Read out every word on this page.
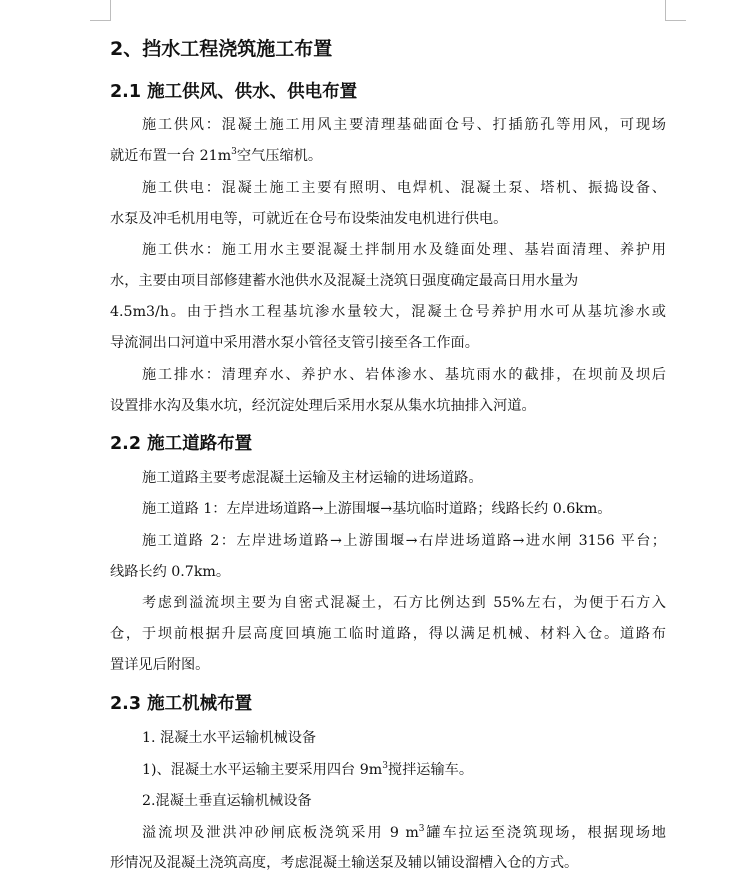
2、挡水工程浇筑施工布置
2.1 施工供风、供水、供电布置
施工供风：混凝土施工用风主要清理基础面仓号、打插筋孔等用风，可现场
就近布置一台 $21m^3$空气压缩机。
施工供电：混凝土施工主要有照明、电焊机、混凝土泵、塔机、振捣设备、
水泵及冲毛机用电等，可就近在仓号布设柴油发电机进行供电。
施工供水：施工用水主要混凝土拌制用水及缝面处理、基岩面清理、养护用
水，主要由项目部修建蓄水池供水及混凝土浇筑日强度确定最高日用水量为
4.5m3/h。由于挡水工程基坑渗水量较大，混凝土仓号养护用水可从基坑渗水或
导流洞出口河道中采用潜水泵小管径支管引接至各工作面。
施工排水：清理弃水、养护水、岩体渗水、基坑雨水的截排，在坝前及坝后
设置排水沟及集水坑，经沉淀处理后采用水泵从集水坑抽排入河道。
2.2 施工道路布置
施工道路主要考虑混凝土运输及主材运输的进场道路。
施工道路 1：左岸进场道路→上游围堰→基坑临时道路；线路长约 0.6km。
施工道路 2：左岸进场道路→上游围堰→右岸进场道路→进水闸 3156 平台；
线路长约 0.7km。
考虑到溢流坝主要为自密式混凝土，石方比例达到 55%左右，为便于石方入
仓，于坝前根据升层高度回填施工临时道路，得以满足机械、材料入仓。道路布
置详见后附图。
2.3 施工机械布置
1. 混凝土水平运输机械设备
1)、混凝土水平运输主要采用四台 $9m^3$搅拌运输车。
2.混凝土垂直运输机械设备
溢流坝及泄洪冲砂闸底板浇筑采用 9 $m^3$罐车拉运至浇筑现场，根据现场地
形情况及混凝土浇筑高度，考虑混凝土输送泵及辅以铺设溜槽入仓的方式。
